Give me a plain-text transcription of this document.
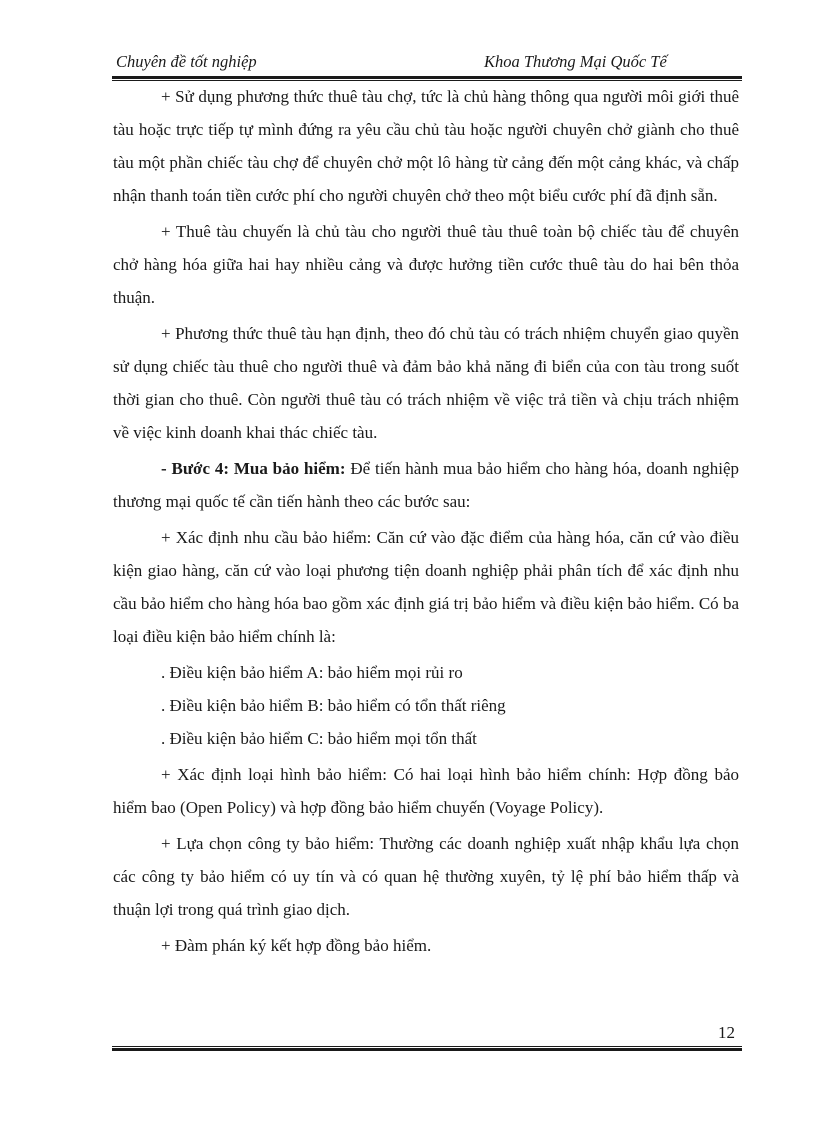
Chuyên đề tốt nghiệp	Khoa Thương Mại Quốc Tế

+ Sử dụng phương thức thuê tàu chợ, tức là chủ hàng thông qua người môi giới thuê tàu hoặc trực tiếp tự mình đứng ra yêu cầu chủ tàu hoặc người chuyên chở giành cho thuê tàu một phần chiếc tàu chợ để chuyên chở một lô hàng từ cảng đến một cảng khác, và chấp nhận thanh toán tiền cước phí cho người chuyên chở theo một biểu cước phí đã định sẵn.

+ Thuê tàu chuyến là chủ tàu cho người thuê tàu thuê toàn bộ chiếc tàu để chuyên chở hàng hóa giữa hai hay nhiều cảng và được hưởng tiền cước thuê tàu do hai bên thỏa thuận.

+ Phương thức thuê tàu hạn định, theo đó chủ tàu có trách nhiệm chuyển giao quyền sử dụng chiếc tàu thuê cho người thuê và đảm bảo khả năng đi biển của con tàu trong suốt thời gian cho thuê. Còn người thuê tàu có trách nhiệm về việc trả tiền và chịu trách nhiệm về việc kinh doanh khai thác chiếc tàu.

- Bước 4: Mua bảo hiểm: Để tiến hành mua bảo hiểm cho hàng hóa, doanh nghiệp thương mại quốc tế cần tiến hành theo các bước sau:

+ Xác định nhu cầu bảo hiểm: Căn cứ vào đặc điểm của hàng hóa, căn cứ vào điều kiện giao hàng, căn cứ vào loại phương tiện doanh nghiệp phải phân tích để xác định nhu cầu bảo hiểm cho hàng hóa bao gồm xác định giá trị bảo hiểm và điều kiện bảo hiểm. Có ba loại điều kiện bảo hiểm chính là:

. Điều kiện bảo hiểm A: bảo hiểm mọi rủi ro

. Điều kiện bảo hiểm B: bảo hiểm có tổn thất riêng

. Điều kiện bảo hiểm C: bảo hiểm mọi tổn thất

+ Xác định loại hình bảo hiểm: Có hai loại hình bảo hiểm chính: Hợp đồng bảo hiểm bao (Open Policy) và hợp đồng bảo hiểm chuyến (Voyage Policy).

+ Lựa chọn công ty bảo hiểm: Thường các doanh nghiệp xuất nhập khẩu lựa chọn các công ty bảo hiểm có uy tín và có quan hệ thường xuyên, tỷ lệ phí bảo hiểm thấp và thuận lợi trong quá trình giao dịch.

+ Đàm phán ký kết hợp đồng bảo hiểm.

12
